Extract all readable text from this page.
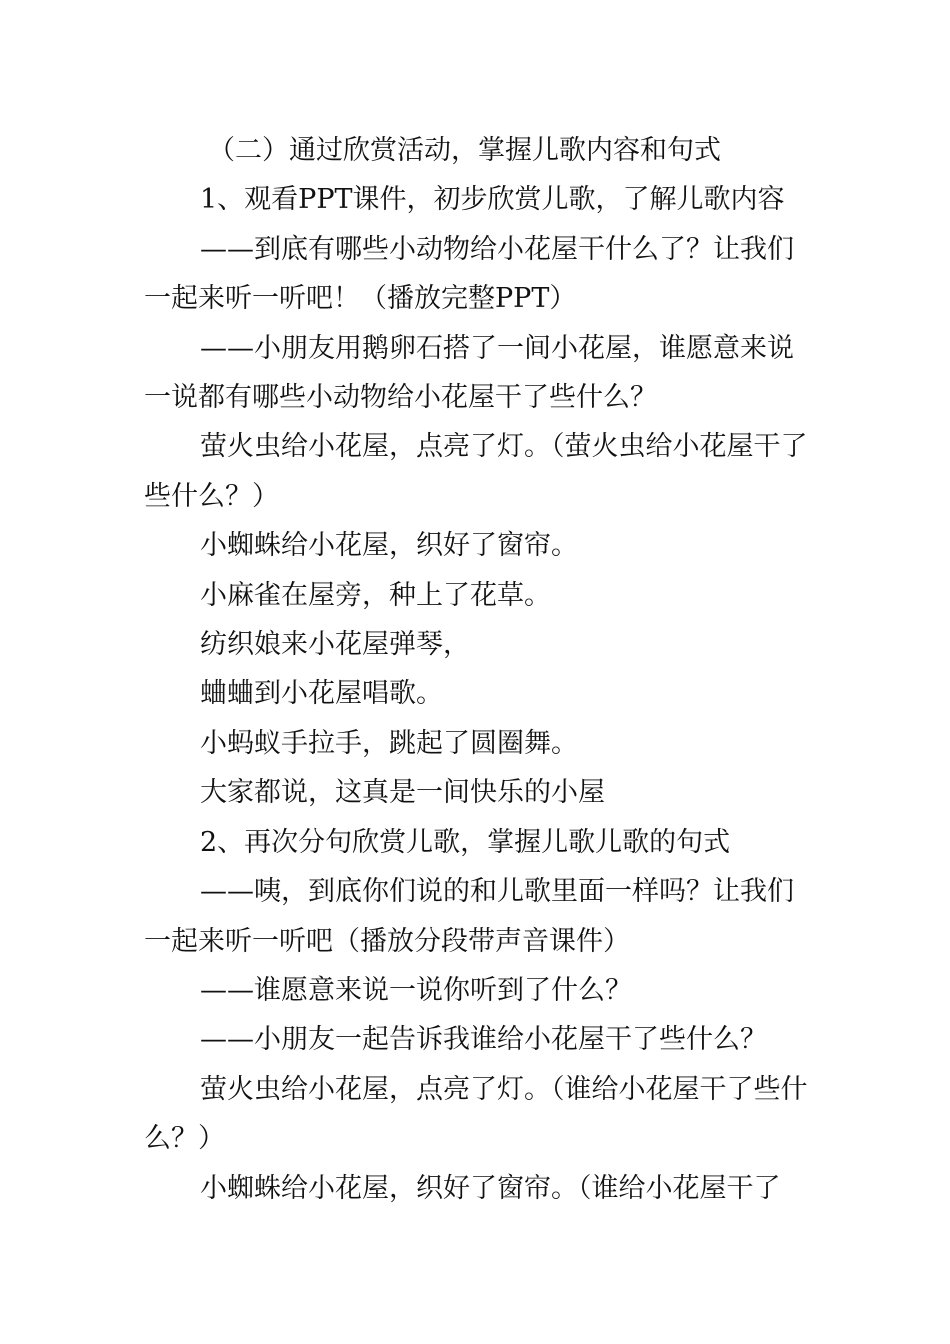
（二）通过欣赏活动，掌握儿歌内容和句式

1、观看PPT课件，初步欣赏儿歌，了解儿歌内容

——到底有哪些小动物给小花屋干什么了？让我们一起来听一听吧！（播放完整PPT）

——小朋友用鹅卵石搭了一间小花屋，谁愿意来说一说都有哪些小动物给小花屋干了些什么？

萤火虫给小花屋，点亮了灯。（萤火虫给小花屋干了些什么？）

小蜘蛛给小花屋，织好了窗帘。

小麻雀在屋旁，种上了花草。

纺织娘来小花屋弹琴，

蛐蛐到小花屋唱歌。

小蚂蚁手拉手，跳起了圆圈舞。

大家都说，这真是一间快乐的小屋

2、再次分句欣赏儿歌，掌握儿歌儿歌的句式

——咦，到底你们说的和儿歌里面一样吗？让我们一起来听一听吧（播放分段带声音课件）

——谁愿意来说一说你听到了什么？

——小朋友一起告诉我谁给小花屋干了些什么？

萤火虫给小花屋，点亮了灯。（谁给小花屋干了些什么？）

小蜘蛛给小花屋，织好了窗帘。（谁给小花屋干了
